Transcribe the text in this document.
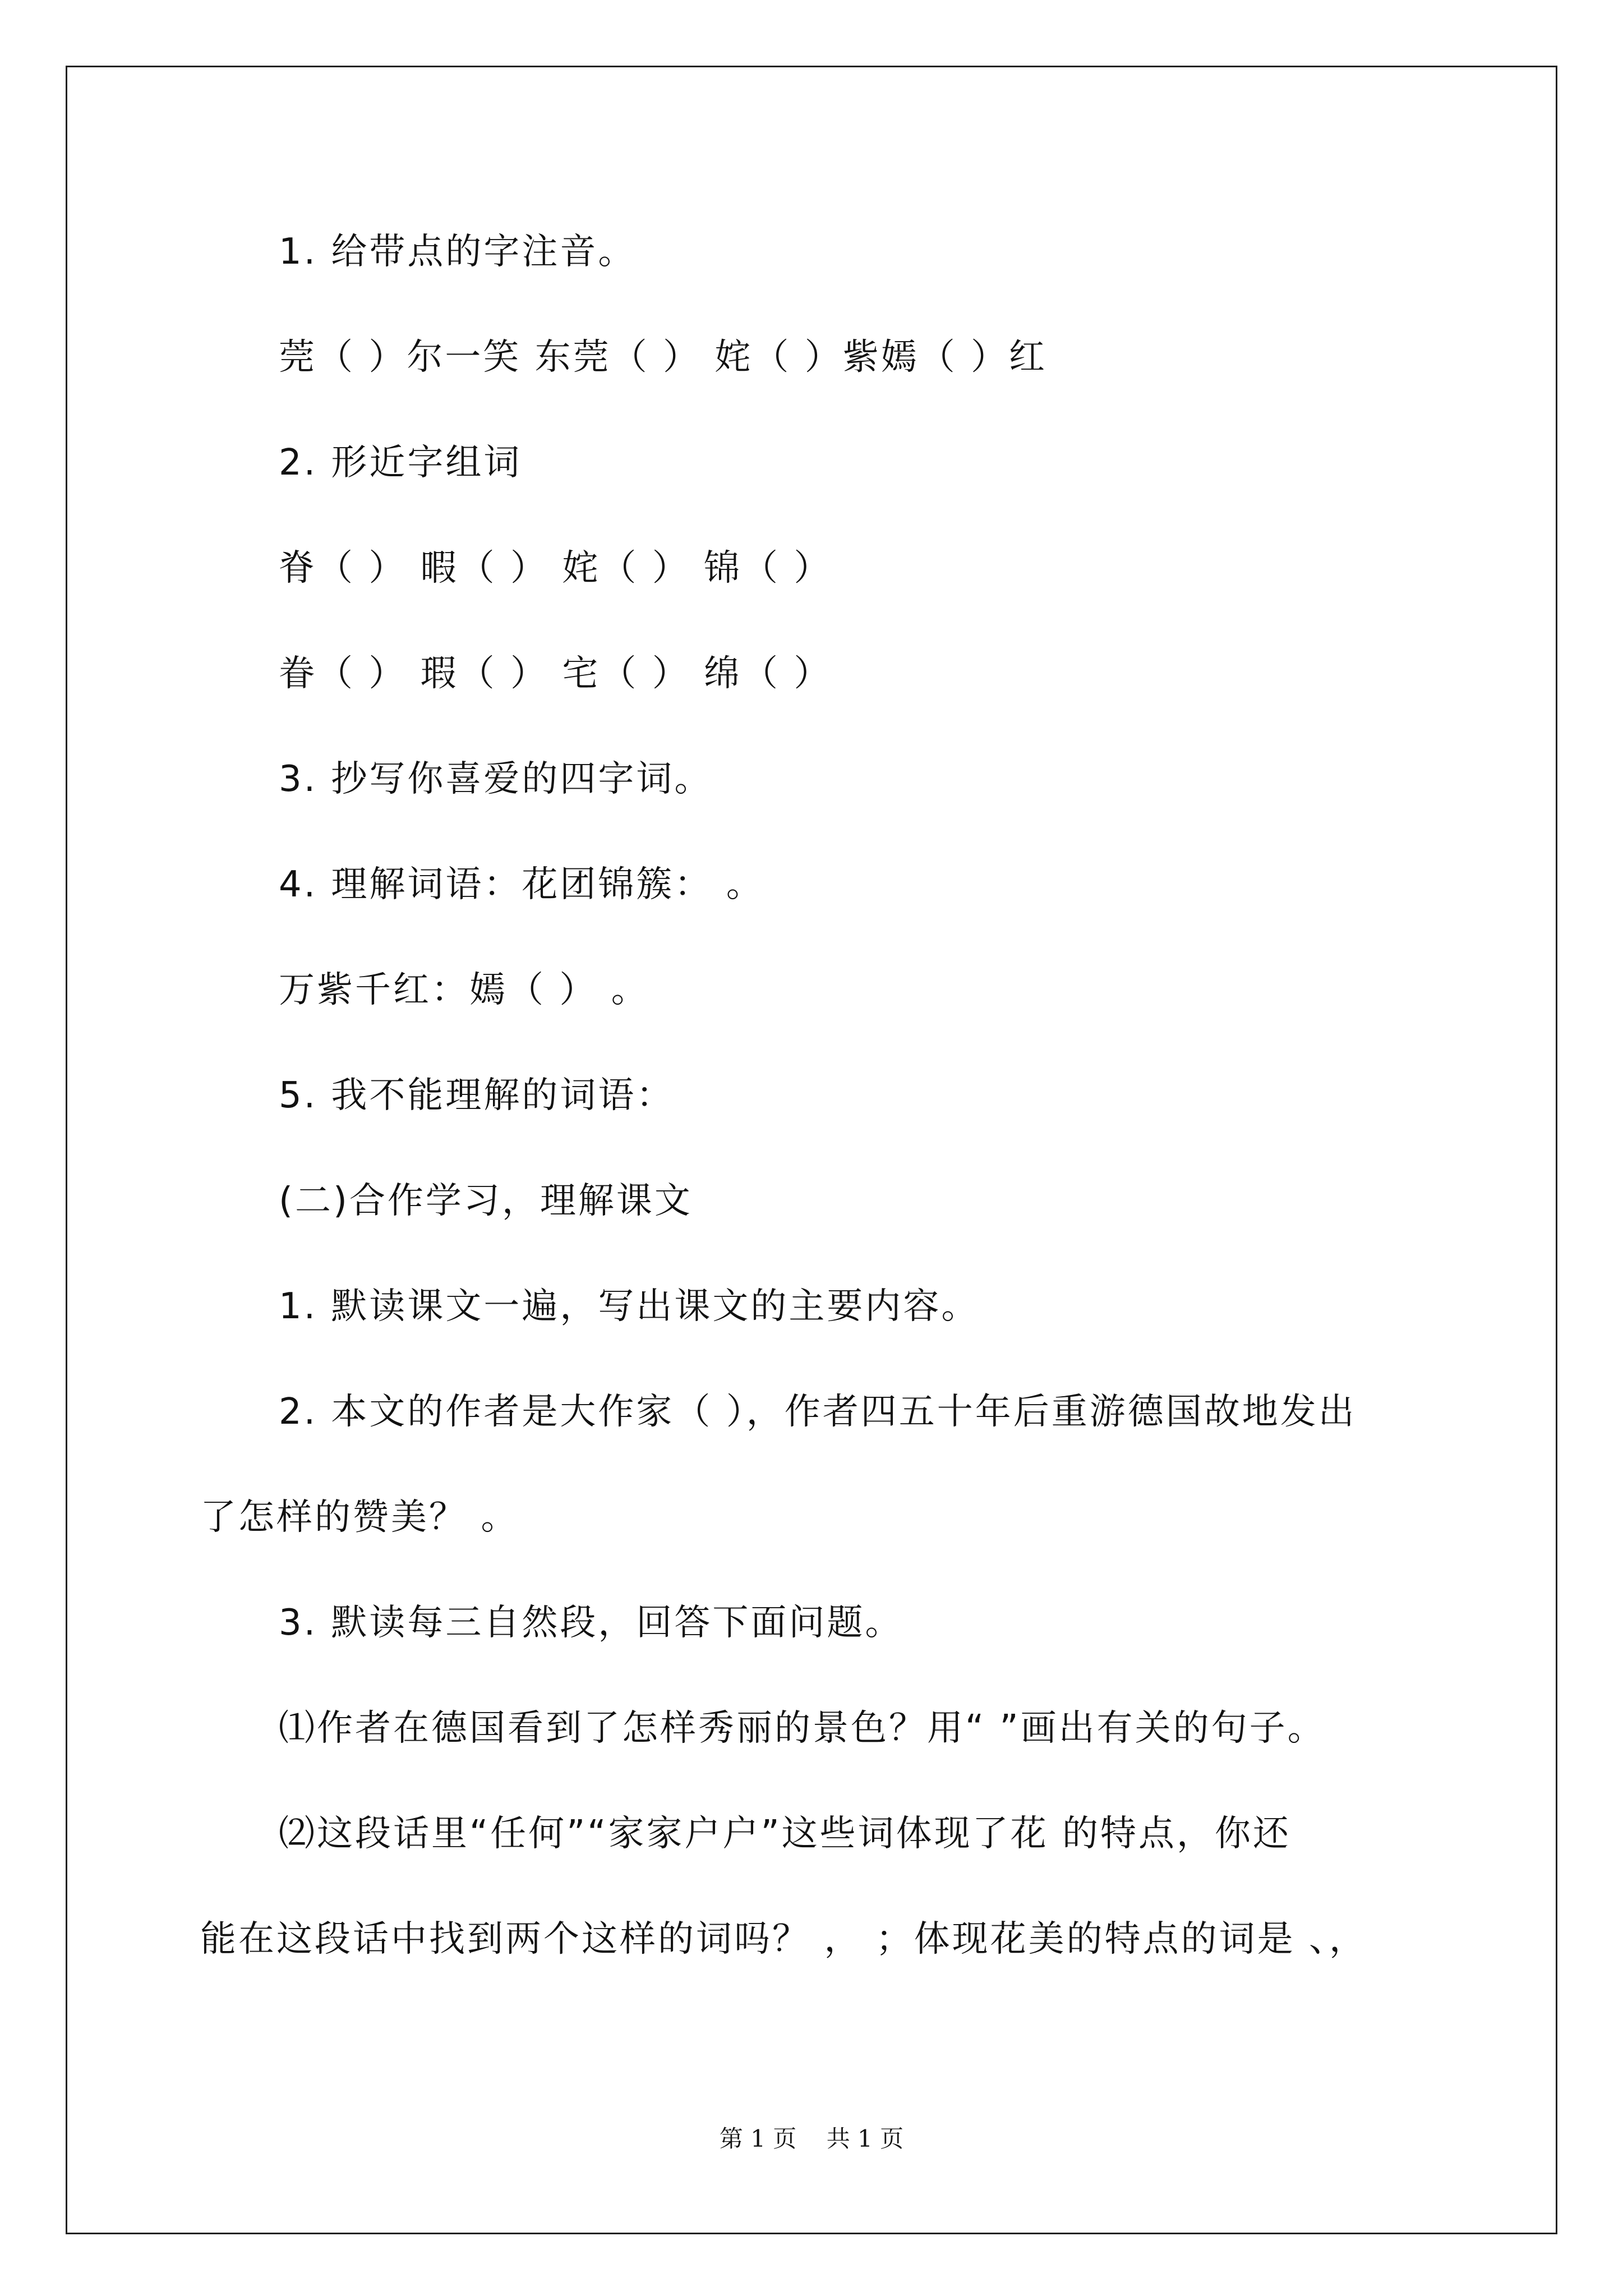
1. 给带点的字注音。
莞（ ）尔一笑 东莞（ ） 姹（ ）紫嫣（ ）红
2. 形近字组词
脊（ ） 暇（ ） 姹（ ） 锦（ ）
眷（ ） 瑕（ ） 宅（ ） 绵（ ）
3. 抄写你喜爱的四字词。
4. 理解词语：花团锦簇： 。
万紫千红：嫣（ ） 。
5. 我不能理解的词语：
(二)合作学习，理解课文
1. 默读课文一遍，写出课文的主要内容。
2. 本文的作者是大作家（ ），作者四五十年后重游德国故地发出
了怎样的赞美？ 。
3. 默读每三自然段，回答下面问题。
⑴作者在德国看到了怎样秀丽的景色？用“ ”画出有关的句子。
⑵这段话里“任何”“家家户户”这些词体现了花 的特点，你还
能在这段话中找到两个这样的词吗？ ， ；体现花美的特点的词是 、，
第 1 页    共 1 页
